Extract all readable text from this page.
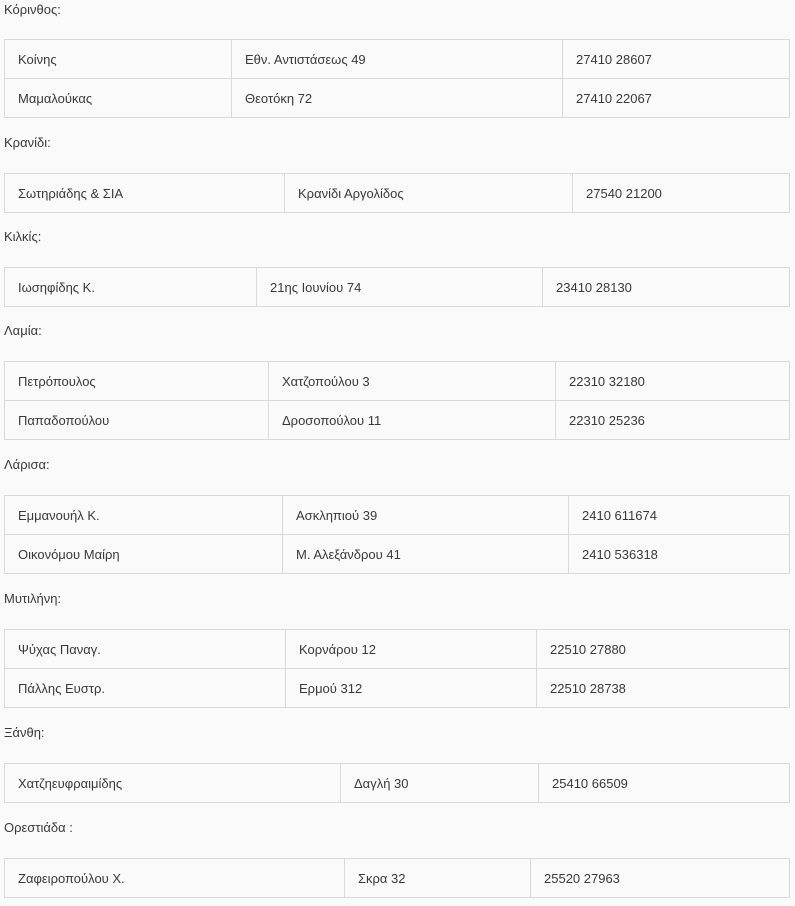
Κόρινθος:
Κοίνης	Εθν. Αντιστάσεως 49	27410 28607
Μαμαλούκας	Θεοτόκη 72	27410 22067
Κρανίδι:
Σωτηριάδης & ΣΙΑ	Κρανίδι Αργολίδος	27540 21200
Κιλκίς:
Ιωσηφίδης Κ.	21ης Ιουνίου 74	23410 28130
Λαμία:
Πετρόπουλος	Χατζοπούλου 3	22310 32180
Παπαδοπούλου	Δροσοπούλου 11	22310 25236
Λάρισα:
Εμμανουήλ Κ.	Ασκληπιού 39	2410 611674
Οικονόμου Μαίρη	Μ. Αλεξάνδρου 41	2410 536318
Μυτιλήνη:
Ψύχας Παναγ.	Κορνάρου 12	22510 27880
Πάλλης Ευστρ.	Ερμού 312	22510 28738
Ξάνθη:
Χατζηευφραιμίδης	Δαγλή 30	25410 66509
Ορεστιάδα :
Ζαφειροπούλου Χ.	Σκρα 32	25520 27963
